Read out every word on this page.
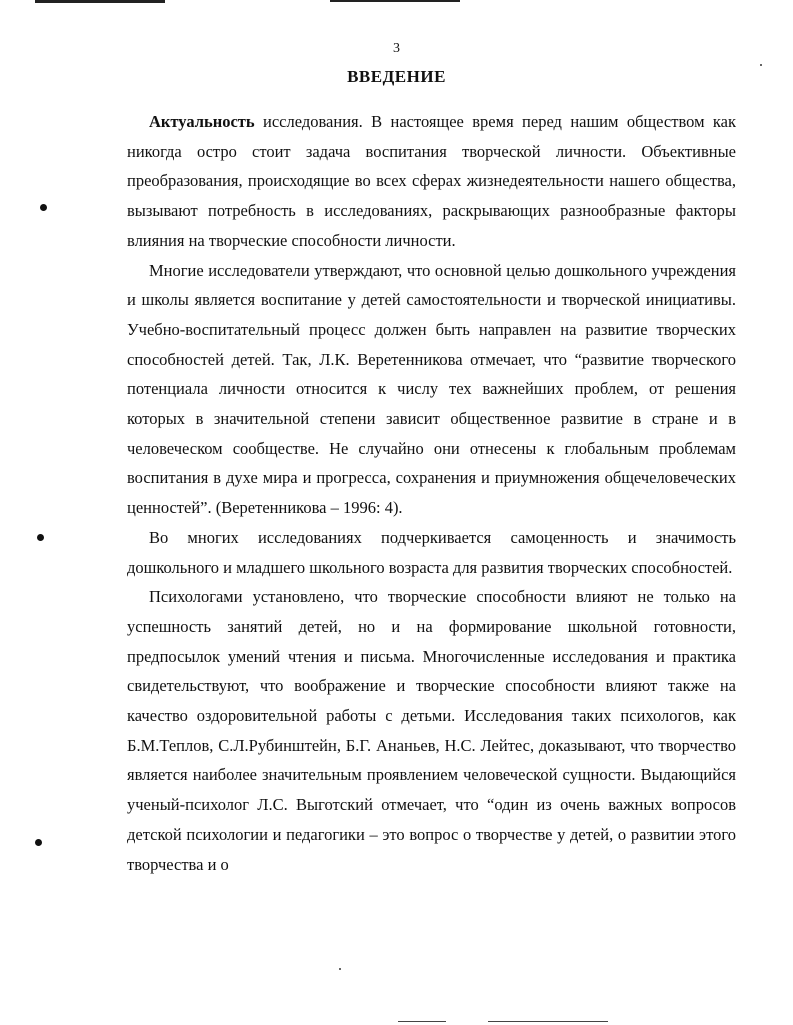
3
ВВЕДЕНИЕ

Актуальность исследования. В настоящее время перед нашим обществом как никогда остро стоит задача воспитания творческой личности. Объективные преобразования, происходящие во всех сферах жизнедеятельности нашего общества, вызывают потребность в исследованиях, раскрывающих разнообразные факторы влияния на творческие способности личности.

Многие исследователи утверждают, что основной целью дошкольного учреждения и школы является воспитание у детей самостоятельности и творческой инициативы. Учебно-воспитательный процесс должен быть направлен на развитие творческих способностей детей. Так, Л.К. Веретенникова отмечает, что “развитие творческого потенциала личности относится к числу тех важнейших проблем, от решения которых в значительной степени зависит общественное развитие в стране и в человеческом сообществе. Не случайно они отнесены к глобальным проблемам воспитания в духе мира и прогресса, сохранения и приумножения общечеловеческих ценностей”. (Веретенникова – 1996: 4).

Во многих исследованиях подчеркивается самоценность и значимость дошкольного и младшего школьного возраста для развития творческих способностей.

Психологами установлено, что творческие способности влияют не только на успешность занятий детей, но и на формирование школьной готовности, предпосылок умений чтения и письма. Многочисленные исследования и практика свидетельствуют, что воображение и творческие способности влияют также на качество оздоровительной работы с детьми. Исследования таких психологов, как Б.М.Теплов, С.Л.Рубинштейн, Б.Г. Ананьев, Н.С. Лейтес, доказывают, что творчество является наиболее значительным проявлением человеческой сущности. Выдающийся ученый-психолог Л.С. Выготский отмечает, что “один из очень важных вопросов детской психологии и педагогики – это вопрос о творчестве у детей, о развитии этого творчества и о
